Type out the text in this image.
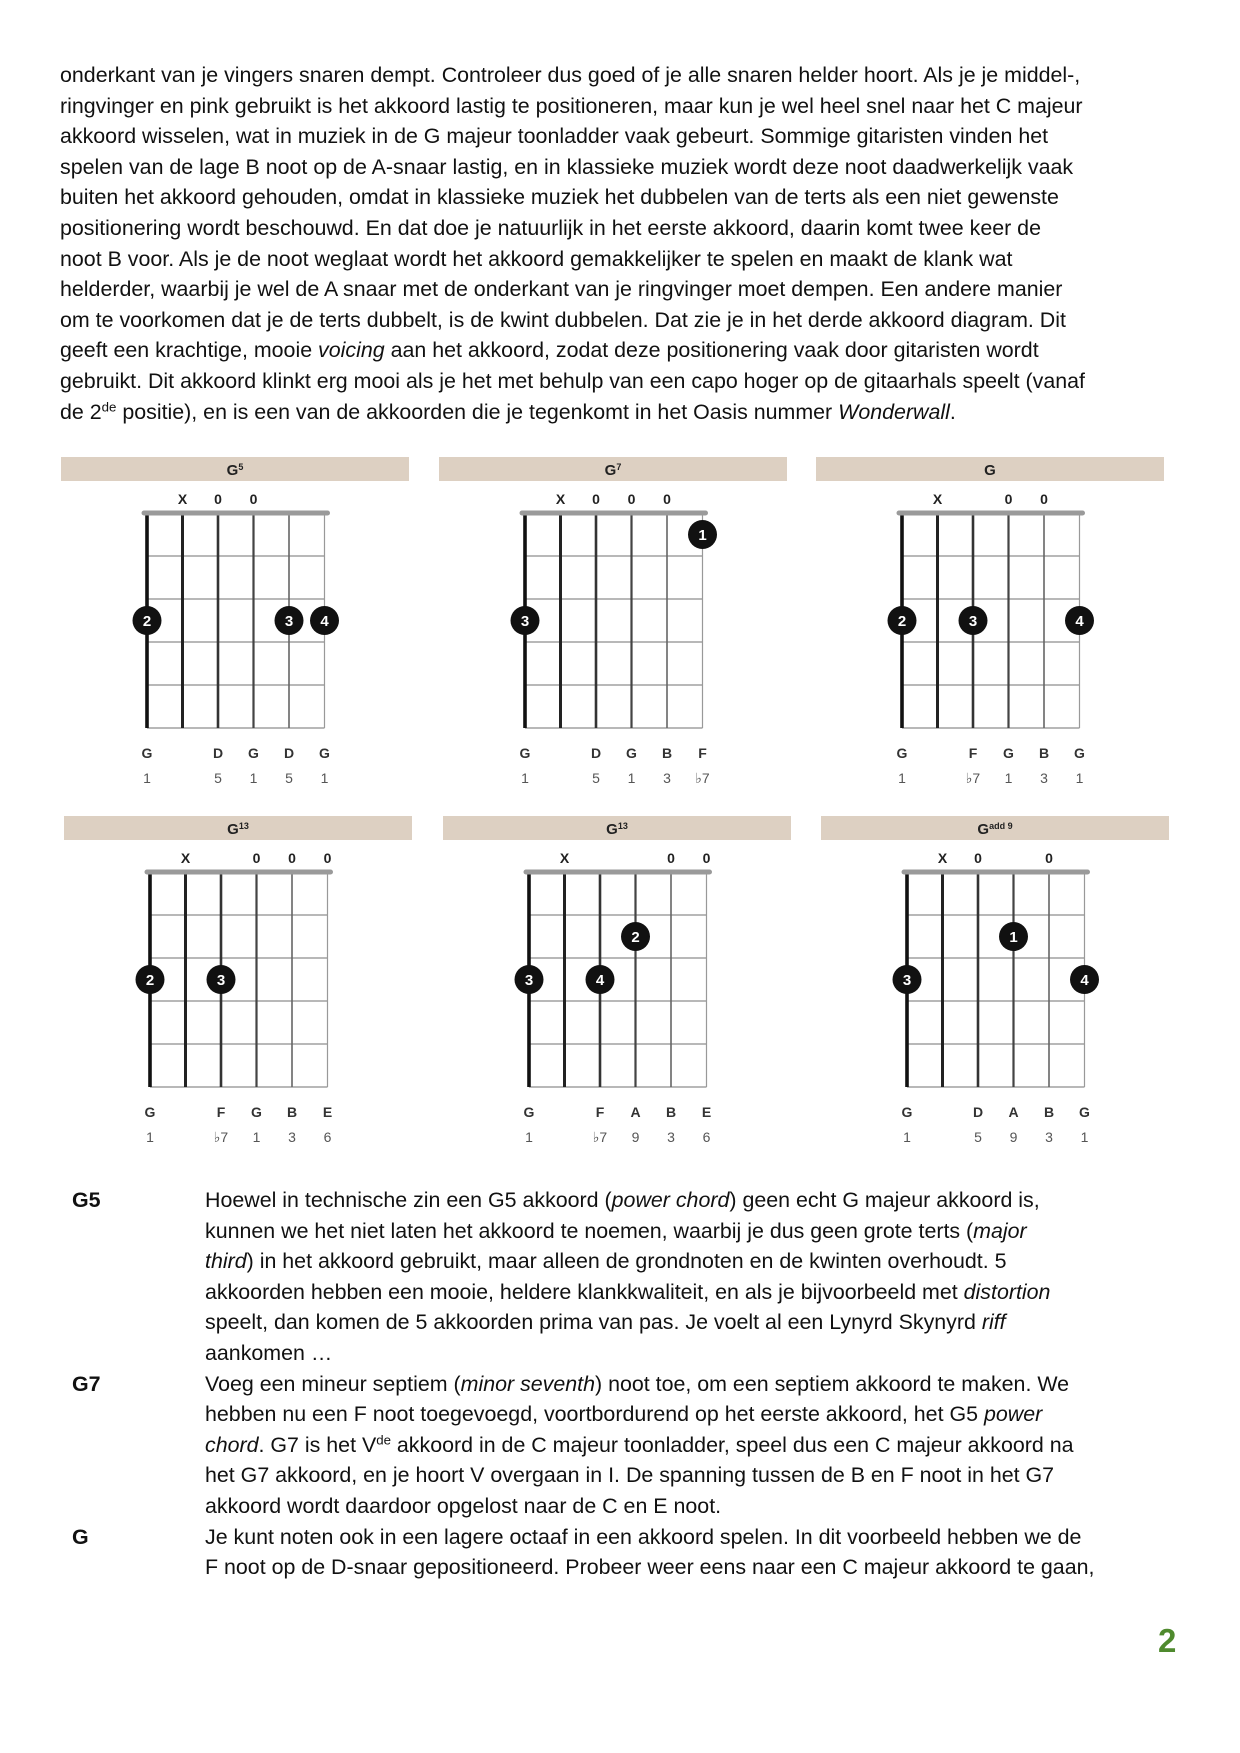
onderkant van je vingers snaren dempt. Controleer dus goed of je alle snaren helder hoort. Als je je middel-,
ringvinger en pink gebruikt is het akkoord lastig te positioneren, maar kun je wel heel snel naar het C majeur
akkoord wisselen, wat in muziek in de G majeur toonladder vaak gebeurt. Sommige gitaristen vinden het
spelen van de lage B noot op de A-snaar lastig, en in klassieke muziek wordt deze noot daadwerkelijk vaak
buiten het akkoord gehouden, omdat in klassieke muziek het dubbelen van de terts als een niet gewenste
positionering wordt beschouwd. En dat doe je natuurlijk in het eerste akkoord, daarin komt twee keer de
noot B voor. Als je de noot weglaat wordt het akkoord gemakkelijker te spelen en maakt de klank wat
helderder, waarbij je wel de A snaar met de onderkant van je ringvinger moet dempen. Een andere manier
om te voorkomen dat je de terts dubbelt, is de kwint dubbelen. Dat zie je in het derde akkoord diagram. Dit
geeft een krachtige, mooie voicing aan het akkoord, zodat deze positionering vaak door gitaristen wordt
gebruikt. Dit akkoord klinkt erg mooi als je het met behulp van een capo hoger op de gitaarhals speelt (vanaf
de 2de positie), en is een van de akkoorden die je tegenkomt in het Oasis nummer Wonderwall.
$G^5$
X 0 0
2	3 4
G	D G D G
1	5 1 5 1
$G^7$
X 0 0 0
1
3
G	D G B F
1	5 1 3 ♭7
G
X	0 0
2	3	4
G	F G B G
1	♭7 1 3 1
$G^{13}$
X	0 0 0
2	3
G	F G B E
1	♭7 1 3 6
$G^{13}$
X	0 0
2
3	4
G	F A B E
1	♭7 9 3 6
$G^{add 9}$
X 0	0
1
3	4
G	D A B G
1	5 9 3 1
G5	Hoewel in technische zin een G5 akkoord (power chord) geen echt G majeur akkoord is,
kunnen we het niet laten het akkoord te noemen, waarbij je dus geen grote terts (major
third) in het akkoord gebruikt, maar alleen de grondnoten en de kwinten overhoudt. 5
akkoorden hebben een mooie, heldere klankkwaliteit, en als je bijvoorbeeld met distortion
speelt, dan komen de 5 akkoorden prima van pas. Je voelt al een Lynyrd Skynyrd riff
aankomen …
G7	Voeg een mineur septiem (minor seventh) noot toe, om een septiem akkoord te maken. We
hebben nu een F noot toegevoegd, voortbordurend op het eerste akkoord, het G5 power
chord. G7 is het Vde akkoord in de C majeur toonladder, speel dus een C majeur akkoord na
het G7 akkoord, en je hoort V overgaan in I. De spanning tussen de B en F noot in het G7
akkoord wordt daardoor opgelost naar de C en E noot.
G	Je kunt noten ook in een lagere octaaf in een akkoord spelen. In dit voorbeeld hebben we de
F noot op de D-snaar gepositioneerd. Probeer weer eens naar een C majeur akkoord te gaan,
2
